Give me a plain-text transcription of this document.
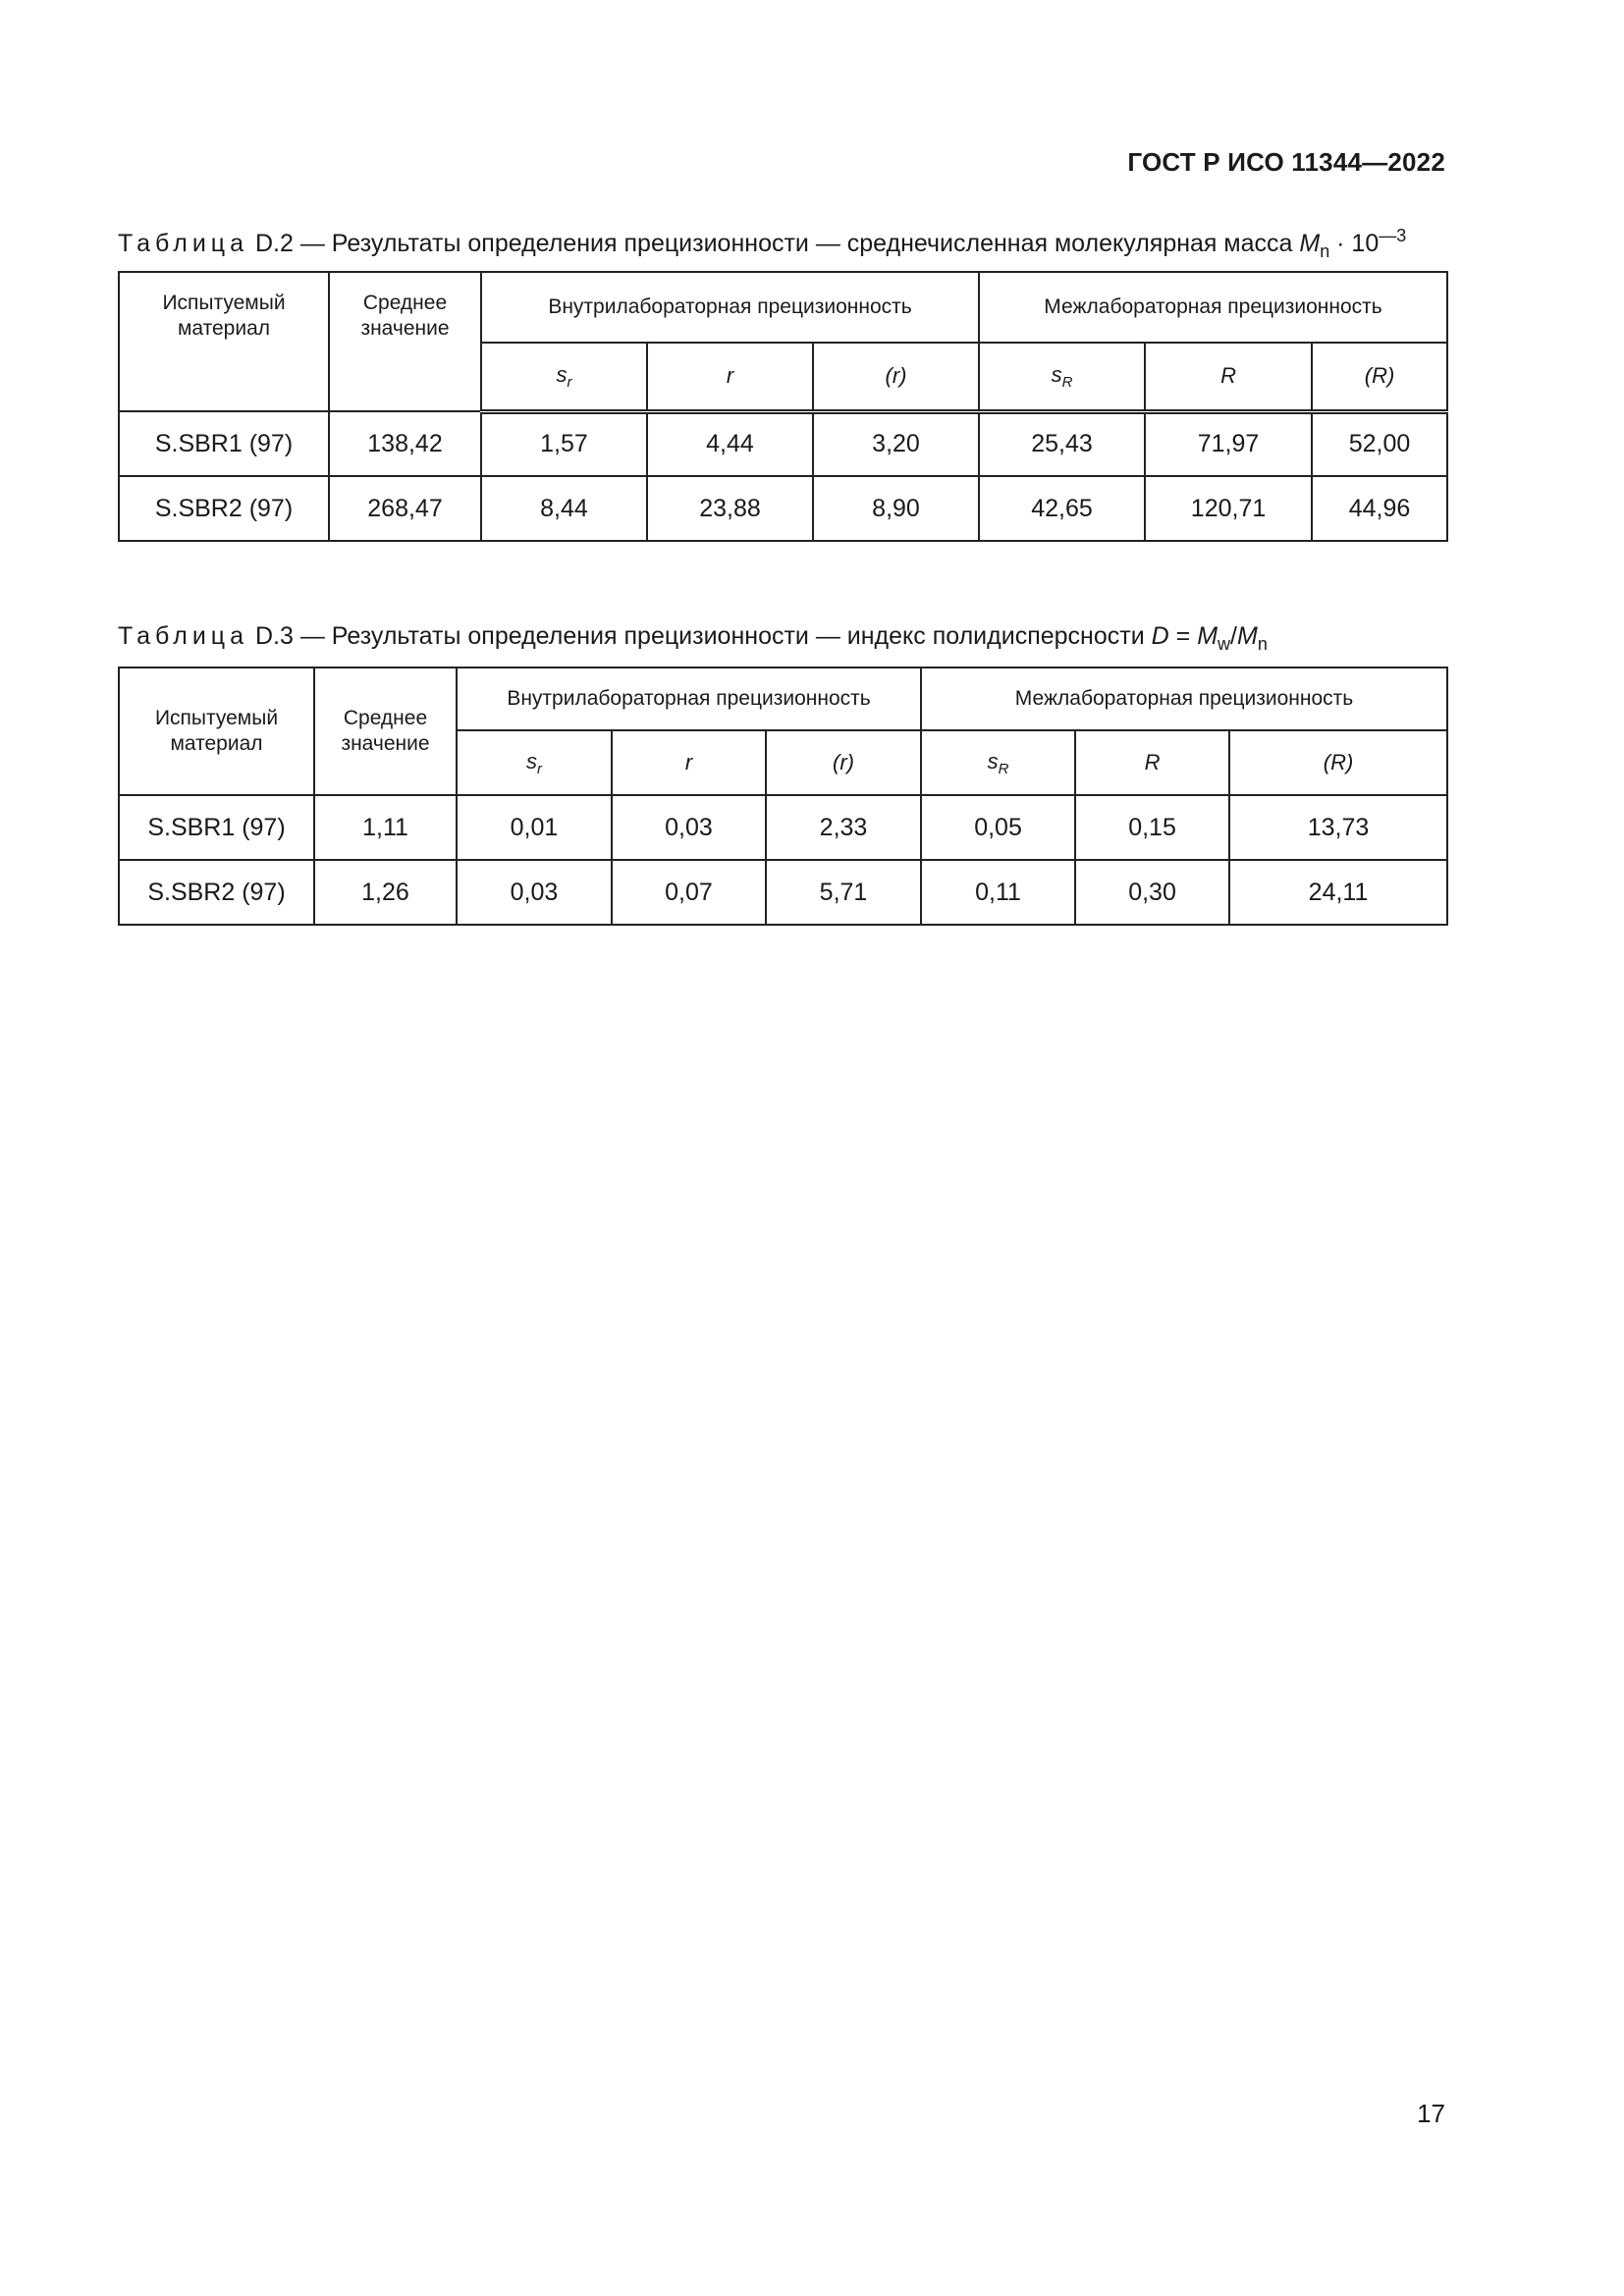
ГОСТ Р ИСО 11344—2022
Таблица D.2 — Результаты определения прецизионности — среднечисленная молекулярная масса $M_n \cdot 10^{—3}$
Испытуемый материал	Среднее значение	Внутрилабораторная прецизионность			Межлабораторная прецизионность		
		$s_r$	r	(r)	$s_R$	R	(R)
S.SBR1 (97)	138,42	1,57	4,44	3,20	25,43	71,97	52,00
S.SBR2 (97)	268,47	8,44	23,88	8,90	42,65	120,71	44,96
Таблица D.3 — Результаты определения прецизионности — индекс полидисперсности $D = M_w/M_n$
Испытуемый материал	Среднее значение	Внутрилабораторная прецизионность			Межлабораторная прецизионность		
		$s_r$	r	(r)	$s_R$	R	(R)
S.SBR1 (97)	1,11	0,01	0,03	2,33	0,05	0,15	13,73
S.SBR2 (97)	1,26	0,03	0,07	5,71	0,11	0,30	24,11
17
